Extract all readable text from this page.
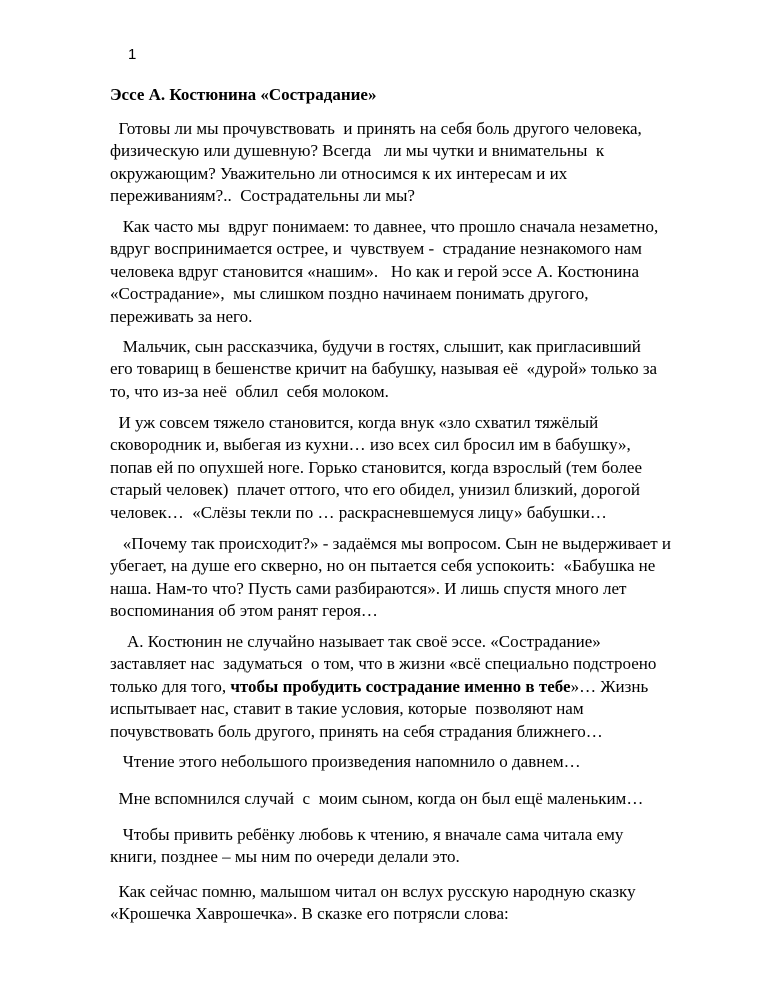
1
Эссе А. Костюнина «Сострадание»
Готовы ли мы прочувствовать  и принять на себя боль другого человека,
физическую или душевную? Всегда   ли мы чутки и внимательны  к
окружающим? Уважительно ли относимся к их интересам и их
переживаниям?..  Сострадательны ли мы?
Как часто мы  вдруг понимаем: то давнее, что прошло сначала незаметно,
вдруг воспринимается острее, и  чувствуем -  страдание незнакомого нам
человека вдруг становится «нашим».   Но как и герой эссе А. Костюнина
«Сострадание»,  мы слишком поздно начинаем понимать другого,
переживать за него.
Мальчик, сын рассказчика, будучи в гостях, слышит, как пригласивший
его товарищ в бешенстве кричит на бабушку, называя её  «дурой» только за
то, что из-за неё  облил  себя молоком.
И уж совсем тяжело становится, когда внук «зло схватил тяжёлый
сковородник и, выбегая из кухни… изо всех сил бросил им в бабушку»,
попав ей по опухшей ноге. Горько становится, когда взрослый (тем более
старый человек)  плачет оттого, что его обидел, унизил близкий, дорогой
человек…  «Слёзы текли по … раскрасневшемуся лицу» бабушки…
«Почему так происходит?» - задаёмся мы вопросом. Сын не выдерживает и
убегает, на душе его скверно, но он пытается себя успокоить:  «Бабушка не
наша. Нам-то что? Пусть сами разбираются». И лишь спустя много лет
воспоминания об этом ранят героя…
А. Костюнин не случайно называет так своё эссе. «Сострадание»
заставляет нас  задуматься  о том, что в жизни «всё специально подстроено
только для того, чтобы пробудить сострадание именно в тебе»… Жизнь
испытывает нас, ставит в такие условия, которые  позволяют нам
почувствовать боль другого, принять на себя страдания ближнего…
Чтение этого небольшого произведения напомнило о давнем…
Мне вспомнился случай  с  моим сыном, когда он был ещё маленьким…
Чтобы привить ребёнку любовь к чтению, я вначале сама читала ему
книги, позднее – мы ним по очереди делали это.
Как сейчас помню, малышом читал он вслух русскую народную сказку
«Крошечка Хаврошечка». В сказке его потрясли слова:
